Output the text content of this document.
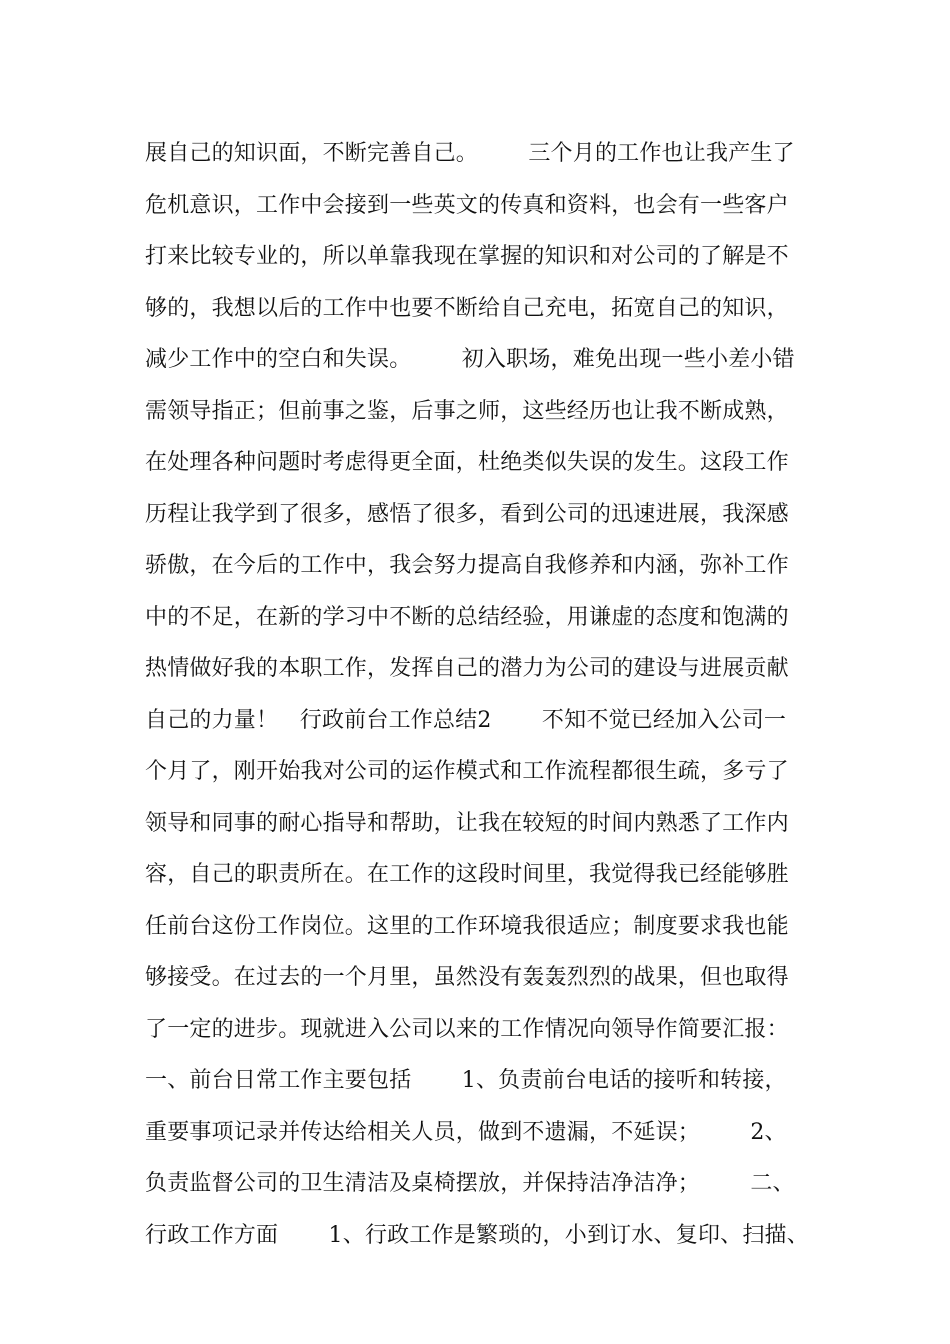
展自己的知识面，不断完善自己。       三个月的工作也让我产生了
危机意识，工作中会接到一些英文的传真和资料，也会有一些客户
打来比较专业的，所以单靠我现在掌握的知识和对公司的了解是不
够的，我想以后的工作中也要不断给自己充电，拓宽自己的知识，
减少工作中的空白和失误。       初入职场，难免出现一些小差小错
需领导指正；但前事之鉴，后事之师，这些经历也让我不断成熟，
在处理各种问题时考虑得更全面，杜绝类似失误的发生。这段工作
历程让我学到了很多，感悟了很多，看到公司的迅速进展，我深感
骄傲，在今后的工作中，我会努力提高自我修养和内涵，弥补工作
中的不足，在新的学习中不断的总结经验，用谦虚的态度和饱满的
热情做好我的本职工作，发挥自己的潜力为公司的建设与进展贡献
自己的力量！   行政前台工作总结2       不知不觉已经加入公司一
个月了，刚开始我对公司的运作模式和工作流程都很生疏，多亏了
领导和同事的耐心指导和帮助，让我在较短的时间内熟悉了工作内
容，自己的职责所在。在工作的这段时间里，我觉得我已经能够胜
任前台这份工作岗位。这里的工作环境我很适应；制度要求我也能
够接受。在过去的一个月里，虽然没有轰轰烈烈的战果，但也取得
了一定的进步。现就进入公司以来的工作情况向领导作简要汇报：
一、前台日常工作主要包括       1、负责前台电话的接听和转接，
重要事项记录并传达给相关人员，做到不遗漏，不延误；       2、
负责监督公司的卫生清洁及桌椅摆放，并保持洁净洁净；       二、
行政工作方面       1、行政工作是繁琐的，小到订水、复印、扫描、
